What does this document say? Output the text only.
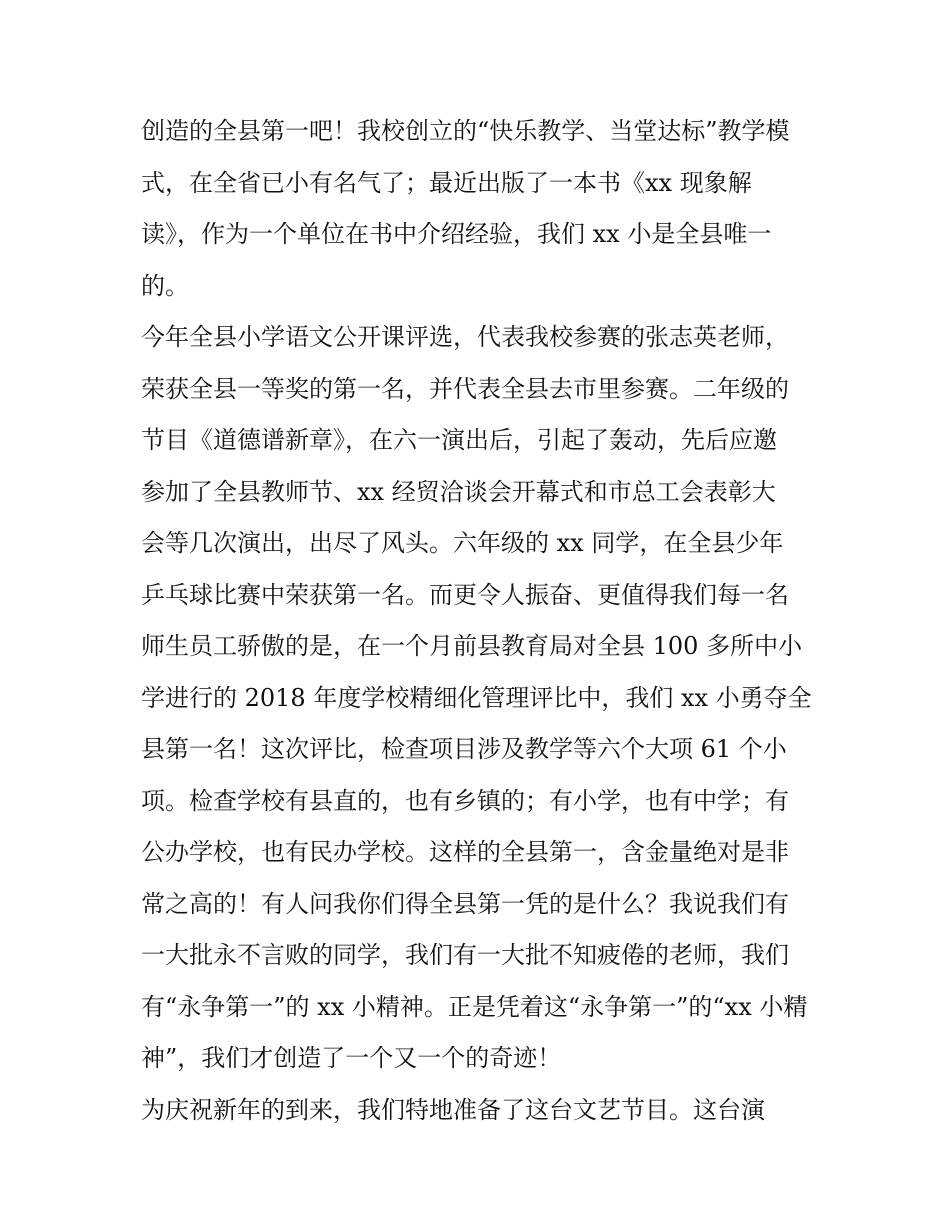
创造的全县第一吧！我校创立的“快乐教学、当堂达标”教学模
式，在全省已小有名气了；最近出版了一本书《xx 现象解
读》，作为一个单位在书中介绍经验，我们 xx 小是全县唯一
的。
今年全县小学语文公开课评选，代表我校参赛的张志英老师，
荣获全县一等奖的第一名，并代表全县去市里参赛。二年级的
节目《道德谱新章》，在六一演出后，引起了轰动，先后应邀
参加了全县教师节、xx 经贸洽谈会开幕式和市总工会表彰大
会等几次演出，出尽了风头。六年级的 xx 同学，在全县少年
乒乓球比赛中荣获第一名。而更令人振奋、更值得我们每一名
师生员工骄傲的是，在一个月前县教育局对全县 100 多所中小
学进行的 2018 年度学校精细化管理评比中，我们 xx 小勇夺全
县第一名！这次评比，检查项目涉及教学等六个大项 61 个小
项。检查学校有县直的，也有乡镇的；有小学，也有中学；有
公办学校，也有民办学校。这样的全县第一，含金量绝对是非
常之高的！有人问我你们得全县第一凭的是什么？我说我们有
一大批永不言败的同学，我们有一大批不知疲倦的老师，我们
有“永争第一”的 xx 小精神。正是凭着这“永争第一”的“xx 小精
神”，我们才创造了一个又一个的奇迹！
为庆祝新年的到来，我们特地准备了这台文艺节目。这台演
